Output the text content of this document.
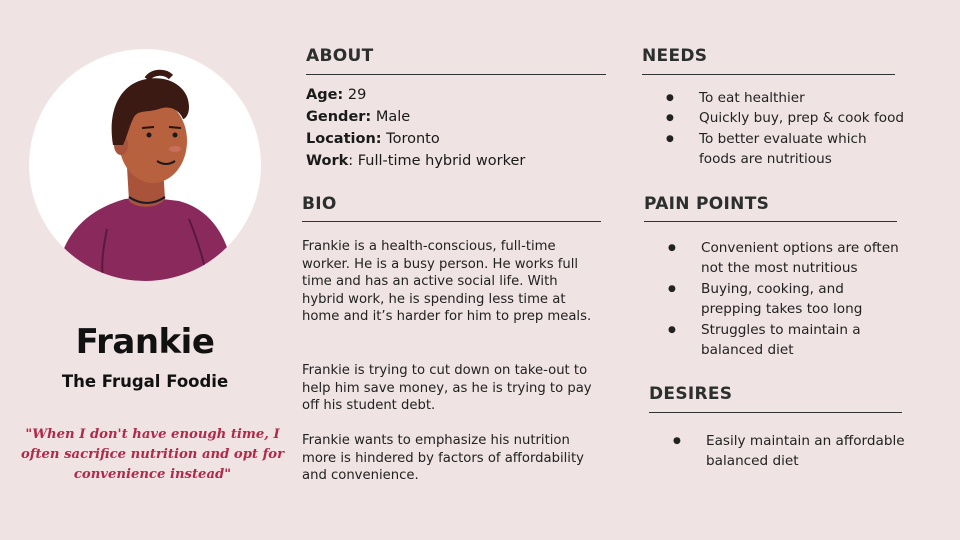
Frankie
The Frugal Foodie
"When I don't have enough time, I often sacrifice nutrition and opt for convenience instead"
ABOUT
Age: 29
Gender: Male
Location: Toronto
Work: Full-time hybrid worker
BIO
Frankie is a health-conscious, full-time worker. He is a busy person. He works full time and has an active social life. With hybrid work, he is spending less time at home and it’s harder for him to prep meals.
Frankie is trying to cut down on take-out to help him save money, as he is trying to pay off his student debt.
Frankie wants to emphasize his nutrition more is hindered by factors of affordability and convenience.
NEEDS
● To eat healthier
● Quickly buy, prep & cook food
● To better evaluate which foods are nutritious
PAIN POINTS
● Convenient options are often not the most nutritious
● Buying, cooking, and prepping takes too long
● Struggles to maintain a balanced diet
DESIRES
● Easily maintain an affordable balanced diet
